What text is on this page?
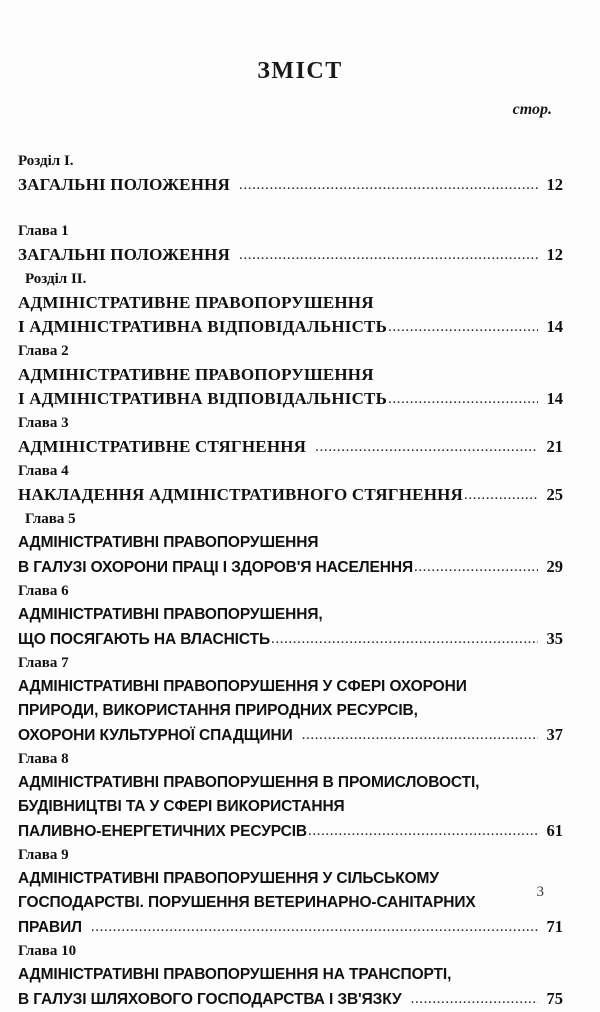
ЗМІСТ
стор.
Розділ I.
ЗАГАЛЬНІ ПОЛОЖЕННЯ .....	12
Глава 1
ЗАГАЛЬНІ ПОЛОЖЕННЯ .....	12
Розділ II.
АДМІНІСТРАТИВНЕ ПРАВОПОРУШЕННЯ
І АДМІНІСТРАТИВНА ВІДПОВІДАЛЬНІСТЬ .....	14
Глава 2
АДМІНІСТРАТИВНЕ ПРАВОПОРУШЕННЯ
І АДМІНІСТРАТИВНА ВІДПОВІДАЛЬНІСТЬ .....	14
Глава 3
АДМІНІСТРАТИВНЕ СТЯГНЕННЯ .....	21
Глава 4
НАКЛАДЕННЯ АДМІНІСТРАТИВНОГО СТЯГНЕННЯ .....	25
Глава 5
АДМІНІСТРАТИВНІ ПРАВОПОРУШЕННЯ
В ГАЛУЗІ ОХОРОНИ ПРАЦІ І ЗДОРОВ'Я НАСЕЛЕННЯ .....	29
Глава 6
АДМІНІСТРАТИВНІ ПРАВОПОРУШЕННЯ,
ЩО ПОСЯГАЮТЬ НА ВЛАСНІСТЬ .....	35
Глава 7
АДМІНІСТРАТИВНІ ПРАВОПОРУШЕННЯ У СФЕРІ ОХОРОНИ
ПРИРОДИ, ВИКОРИСТАННЯ ПРИРОДНИХ РЕСУРСІВ,
ОХОРОНИ КУЛЬТУРНОЇ СПАДЩИНИ .....	37
Глава 8
АДМІНІСТРАТИВНІ ПРАВОПОРУШЕННЯ В ПРОМИСЛОВОСТІ,
БУДІВНИЦТВІ ТА У СФЕРІ ВИКОРИСТАННЯ
ПАЛИВНО-ЕНЕРГЕТИЧНИХ РЕСУРСІВ .....	61
Глава 9
АДМІНІСТРАТИВНІ ПРАВОПОРУШЕННЯ У СІЛЬСЬКОМУ
ГОСПОДАРСТВІ. ПОРУШЕННЯ ВЕТЕРИНАРНО-САНІТАРНИХ
ПРАВИЛ .....	71
Глава 10
АДМІНІСТРАТИВНІ ПРАВОПОРУШЕННЯ НА ТРАНСПОРТІ,
В ГАЛУЗІ ШЛЯХОВОГО ГОСПОДАРСТВА І ЗВ'ЯЗКУ .....	75
3
